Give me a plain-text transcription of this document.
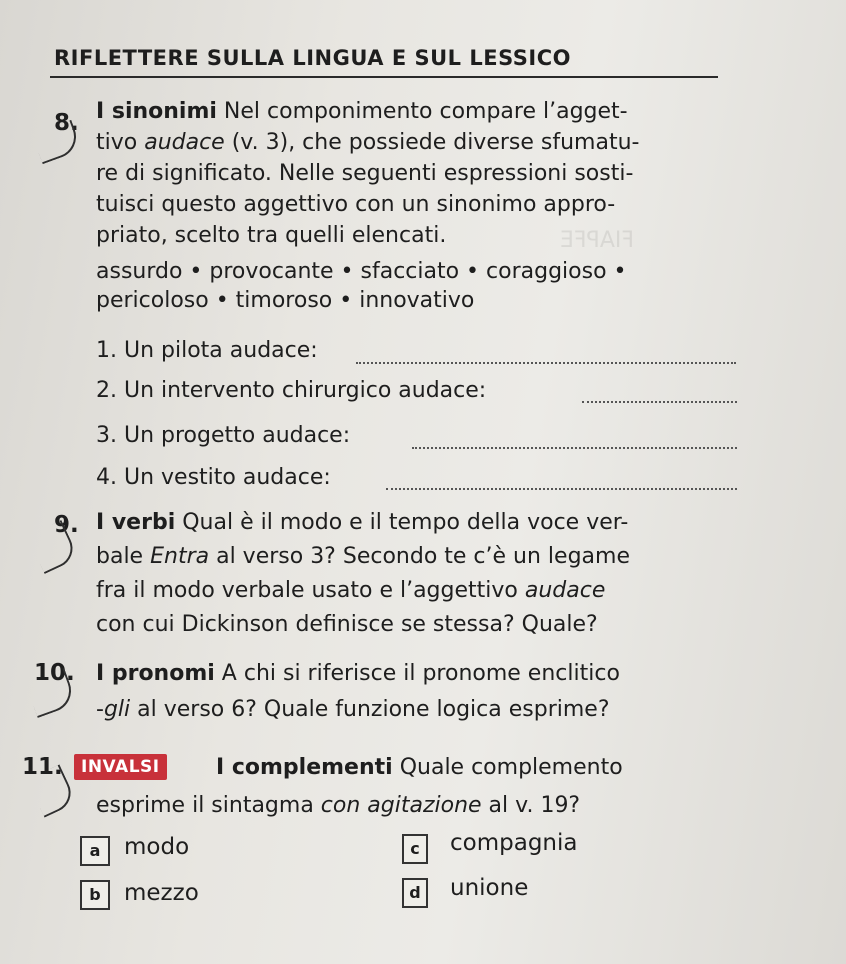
ƎꟻꟼAIꟻ
RIFLETTERE SULLA LINGUA E SUL LESSICO
8. I sinonimi Nel componimento compare l’agget-
tivo audace (v. 3), che possiede diverse sfumatu-
re di significato. Nelle seguenti espressioni sosti-
tuisci questo aggettivo con un sinonimo appro-
priato, scelto tra quelli elencati.
assurdo • provocante • sfacciato • coraggioso •
pericoloso • timoroso • innovativo
1. Un pilota audace:
2. Un intervento chirurgico audace:
3. Un progetto audace:
4. Un vestito audace:
9. I verbi Qual è il modo e il tempo della voce ver-
bale Entra al verso 3? Secondo te c’è un legame
fra il modo verbale usato e l’aggettivo audace
con cui Dickinson definisce se stessa? Quale?
10. I pronomi A chi si riferisce il pronome enclitico
-gli al verso 6? Quale funzione logica esprime?
11.	INVALSI	I complementi Quale complemento
esprime il sintagma con agitazione al v. 19?
a	modo
b	mezzo
c	compagnia
d	unione
